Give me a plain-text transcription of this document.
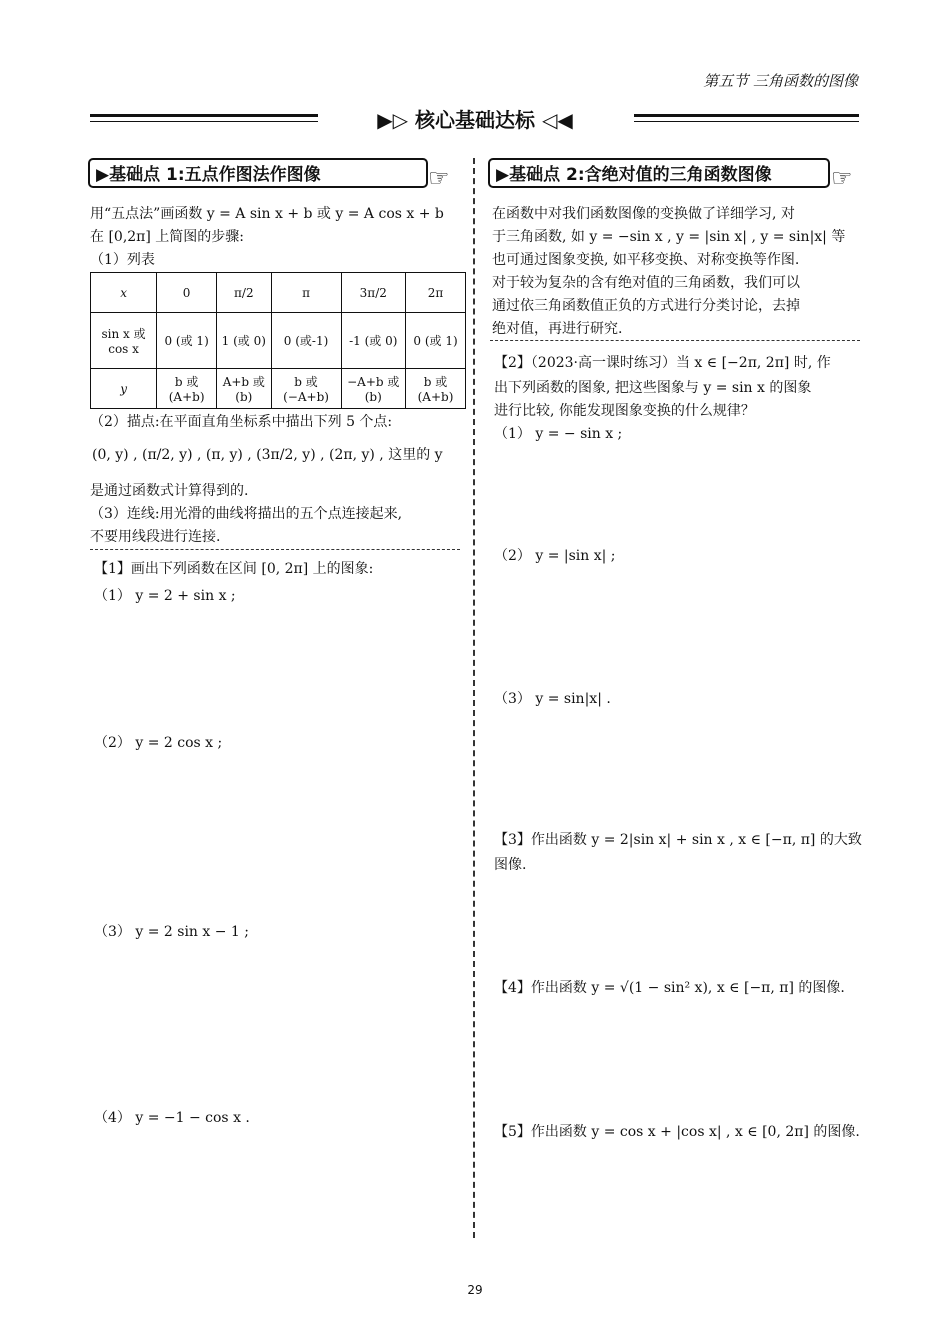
第五节 三角函数的图像
▶▷ 核心基础达标 ◁◀
▶基础点 1:五点作图法作图像	☞
用“五点法”画函数 y = A sin x + b 或 y = A cos x + b
在 [0,2π] 上简图的步骤:
（1）列表
x	0	π/2	π	3π/2	2π
sin x 或 cos x	0 (或 1)	1 (或 0)	0 (或-1)	-1 (或 0)	0 (或 1)
y	b 或 (A+b)	A+b 或(b)	b 或 (−A+b)	−A+b 或(b)	b 或 (A+b)
（2）描点:在平面直角坐标系中描出下列 5 个点:
(0, y) , (π/2, y) , (π, y) , (3π/2, y) , (2π, y) , 这里的 y
是通过函数式计算得到的.
（3）连线:用光滑的曲线将描出的五个点连接起来,
不要用线段进行连接.
【1】画出下列函数在区间 [0, 2π] 上的图象:
（1） y = 2 + sin x ;
（2） y = 2 cos x ;
（3） y = 2 sin x − 1 ;
（4） y = −1 − cos x .
▶基础点 2:含绝对值的三角函数图像	☞
在函数中对我们函数图像的变换做了详细学习, 对
于三角函数, 如 y = −sin x , y = |sin x| , y = sin|x| 等
也可通过图象变换, 如平移变换、对称变换等作图.
对于较为复杂的含有绝对值的三角函数，我们可以
通过依三角函数值正负的方式进行分类讨论，去掉
绝对值，再进行研究.
【2】（2023·高一课时练习）当 x ∈ [−2π, 2π] 时, 作
出下列函数的图象, 把这些图象与 y = sin x 的图象
进行比较, 你能发现图象变换的什么规律？
（1） y = − sin x ;
（2） y = |sin x| ;
（3） y = sin|x| .
【3】作出函数 y = 2|sin x| + sin x , x ∈ [−π, π] 的大致
图像.
【4】作出函数 y = √(1 − sin² x), x ∈ [−π, π] 的图像.
【5】作出函数 y = cos x + |cos x| , x ∈ [0, 2π] 的图像.
29
